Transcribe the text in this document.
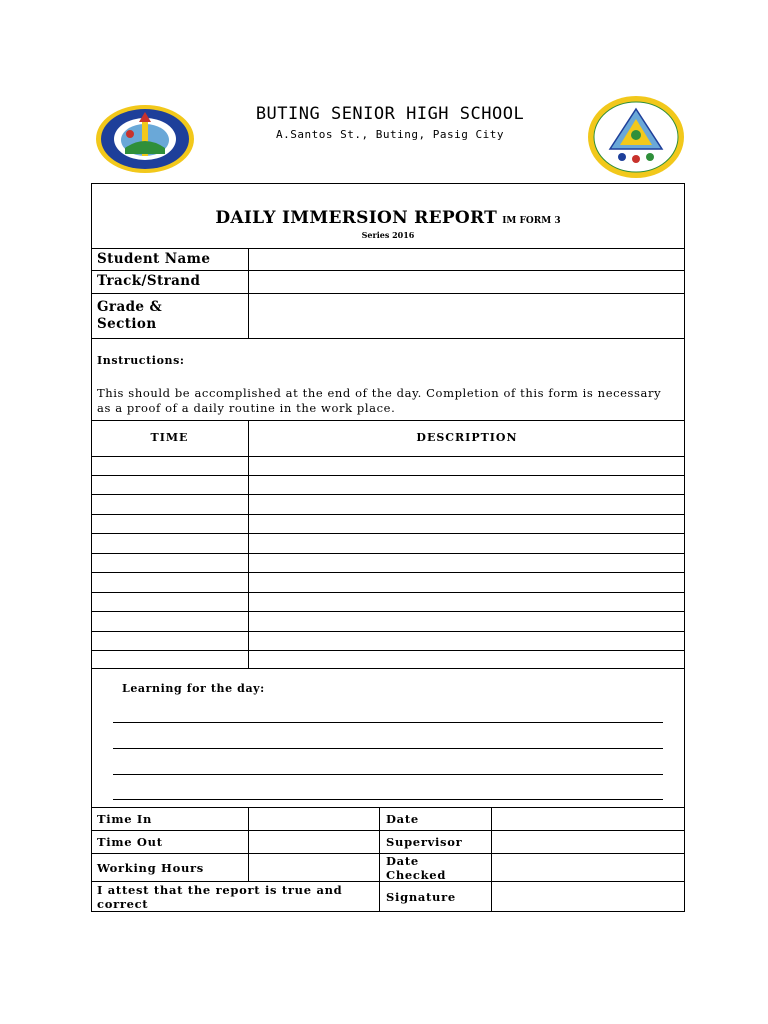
BUTING SENIOR HIGH SCHOOL
A.Santos St., Buting, Pasig City
DAILY IMMERSION REPORT IM FORM 3
Series 2016
Student Name
Track/Strand
Grade &
Section
Instructions:
This should be accomplished at the end of the day. Completion of this form is necessary as a proof of a daily routine in the work place.
TIME	DESCRIPTION
Learning for the day:
Time In
Time Out
Working Hours
I attest that the report is true and
correct
Date
Supervisor
Date
Checked
Signature
